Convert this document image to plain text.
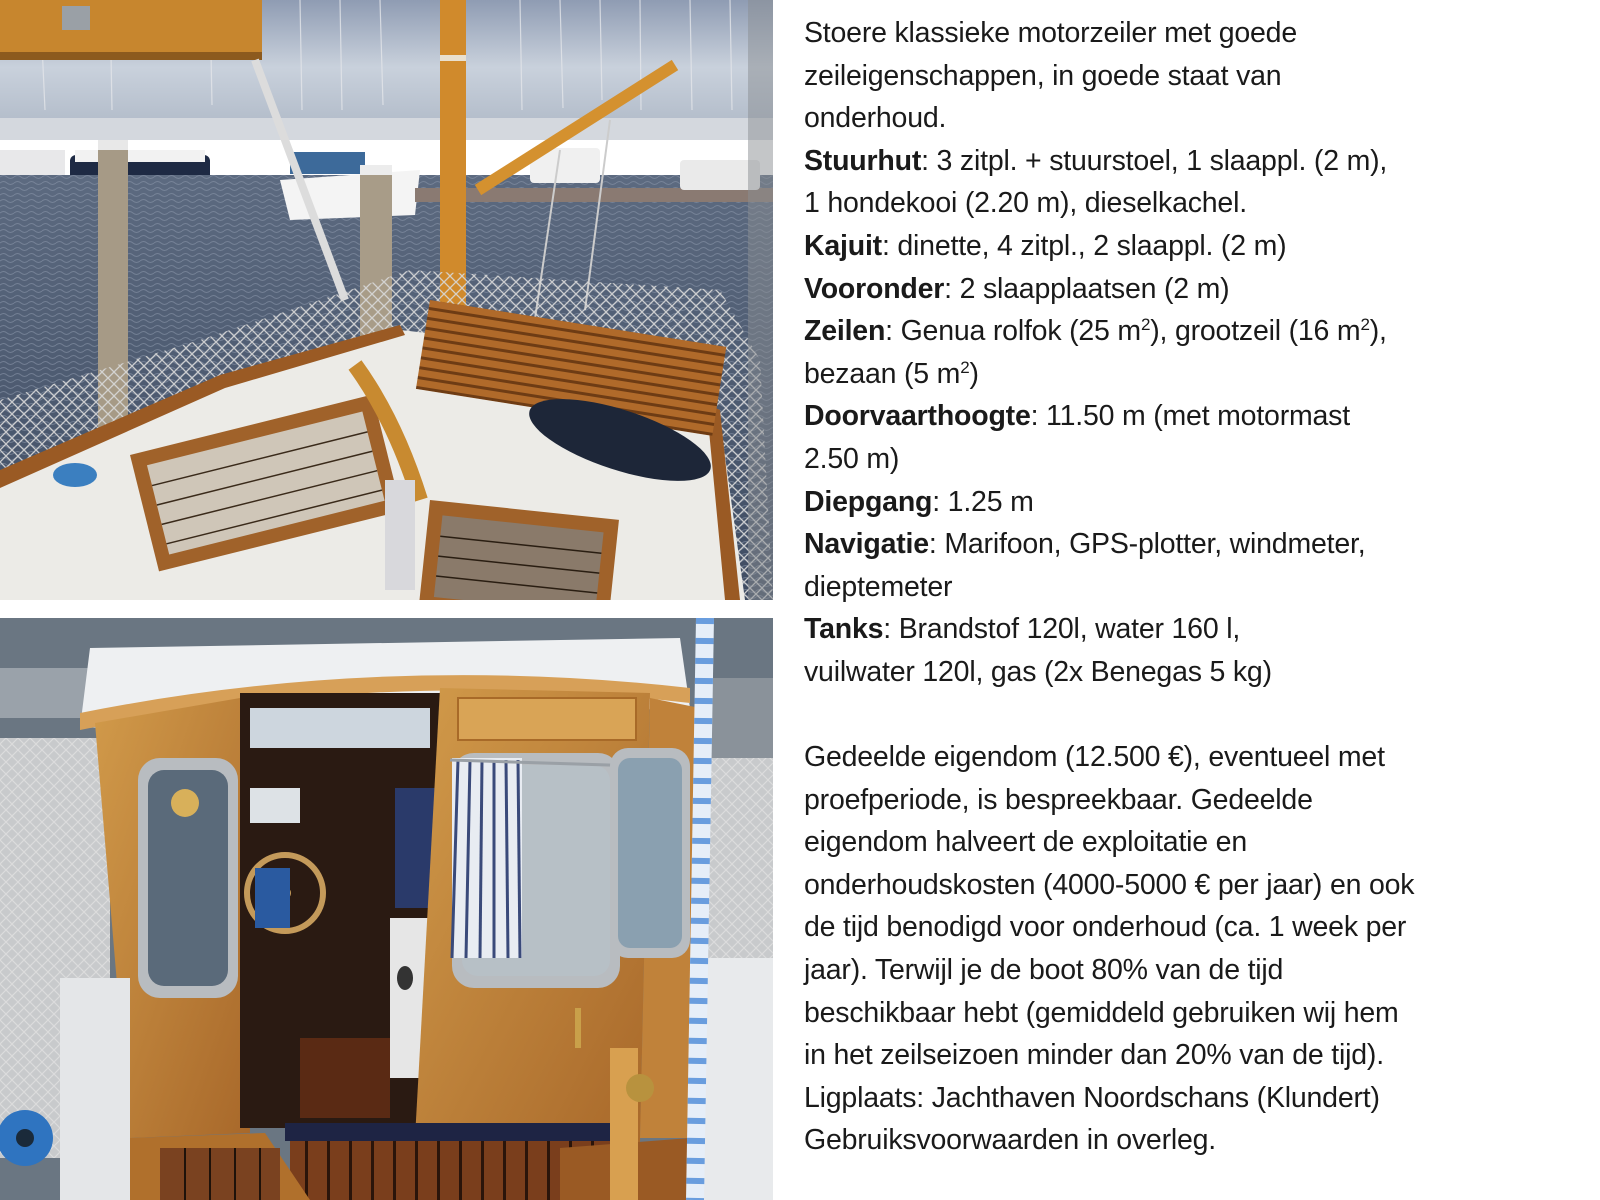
Stoere klassieke motorzeiler met goede
zeileigenschappen, in goede staat van
onderhoud.
Stuurhut: 3 zitpl. + stuurstoel, 1 slaappl. (2 m),
1 hondekooi (2.20 m), dieselkachel.
Kajuit: dinette, 4 zitpl., 2 slaappl. (2 m)
Vooronder: 2 slaapplaatsen (2 m)
Zeilen: Genua rolfok (25 $m^2$), grootzeil (16 $m^2$),
bezaan (5 $m^2$)
Doorvaarthoogte: 11.50 m (met motormast
2.50 m)
Diepgang: 1.25 m
Navigatie: Marifoon, GPS-plotter, windmeter,
dieptemeter
Tanks: Brandstof 120l, water 160 l,
vuilwater 120l, gas (2x Benegas 5 kg)
Gedeelde eigendom (12.500 €), eventueel met
proefperiode, is bespreekbaar. Gedeelde
eigendom halveert de exploitatie en
onderhoudskosten (4000-5000 € per jaar) en ook
de tijd benodigd voor onderhoud (ca. 1 week per
jaar). Terwijl je de boot 80% van de tijd
beschikbaar hebt (gemiddeld gebruiken wij hem
in het zeilseizoen minder dan 20% van de tijd).
Ligplaats: Jachthaven Noordschans (Klundert)
Gebruiksvoorwaarden in overleg.
